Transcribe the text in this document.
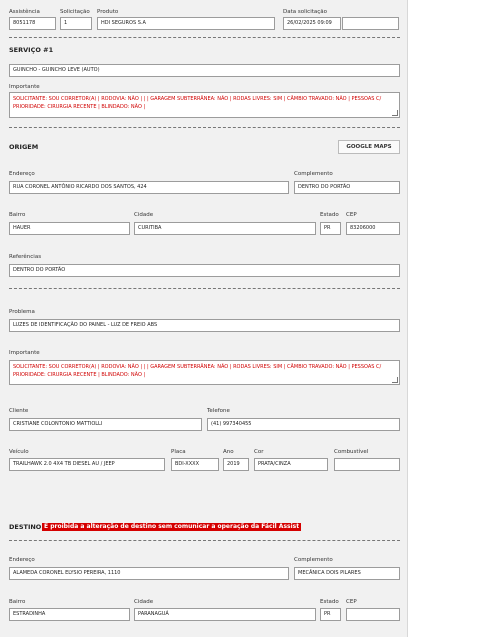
Assistência
8051178
Solicitação
1
Produto
HDI SEGUROS S.A
Data solicitação
26/02/2025 09:09
SERVIÇO #1
GUINCHO - GUINCHO LEVE (AUTO)
Importante
SOLICITANTE: SOU CORRETOR(A) | RODOVIA: NÃO | | | GARAGEM SUBTERRÂNEA: NÃO | RODAS LIVRES: SIM | CÂMBIO TRAVADO: NÃO | PESSOAS C/ PRIORIDADE: CIRURGIA RECENTE | BLINDADO: NÃO |
ORIGEM	GOOGLE MAPS
Endereço
RUA CORONEL ANTÔNIO RICARDO DOS SANTOS, 424
Complemento
DENTRO DO PORTÃO
Bairro
HAUER
Cidade
CURITIBA
Estado
PR
CEP
83206000
Referências
DENTRO DO PORTÃO
Problema
LUZES DE IDENTIFICAÇÃO DO PAINEL - LUZ DE FREIO ABS
Importante
SOLICITANTE: SOU CORRETOR(A) | RODOVIA: NÃO | | | GARAGEM SUBTERRÂNEA: NÃO | RODAS LIVRES: SIM | CÂMBIO TRAVADO: NÃO | PESSOAS C/ PRIORIDADE: CIRURGIA RECENTE | BLINDADO: NÃO |
Cliente
CRISTIANE COLONTONIO MATTIOLLI
Telefone
(41) 997340455
Veículo
TRAILHAWK 2.0 4X4 TB DIESEL AU / JEEP
Placa
BDI-XXXX
Ano
2019
Cor
PRATA/CINZA
Combustível
DESTINO É proibida a alteração de destino sem comunicar a operação da Fácil Assist
Endereço
ALAMEDA CORONEL ELYSIO PEREIRA, 1110
Complemento
MECÂNICA DOIS PILARES
Bairro
ESTRADINHA
Cidade
PARANAGUÁ
Estado
PR
CEP
